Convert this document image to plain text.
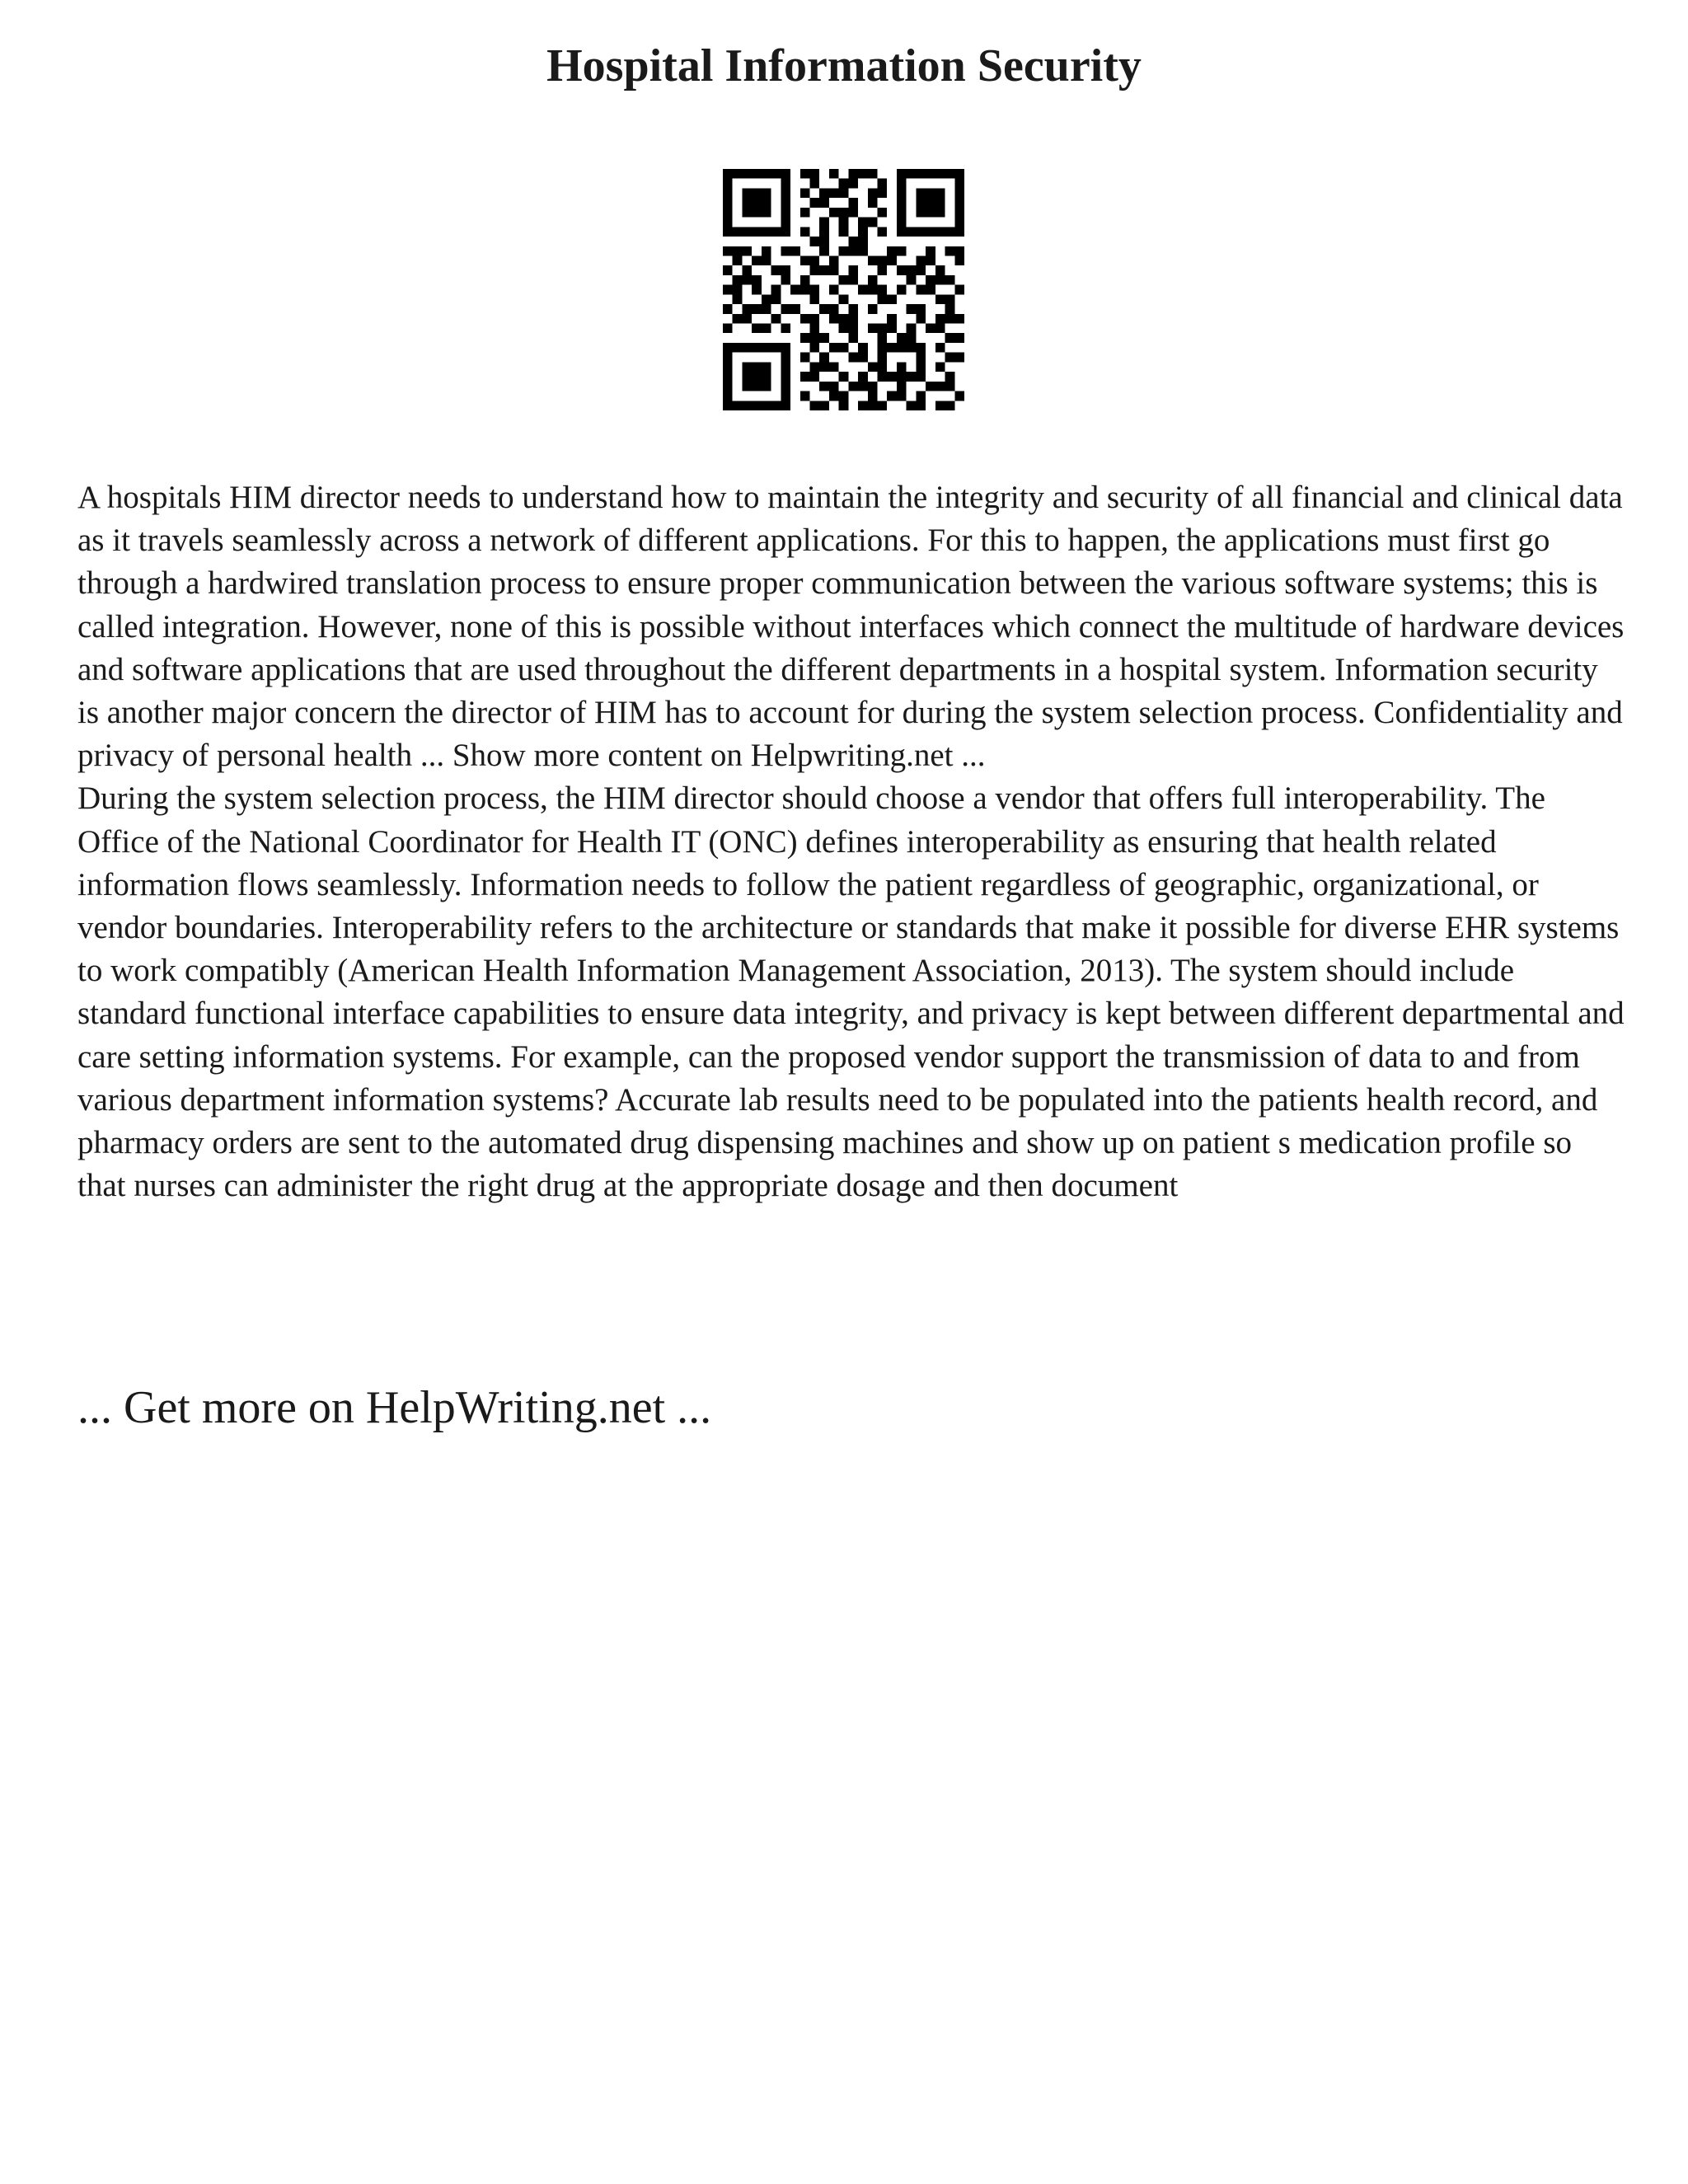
Hospital Information Security

A hospitals HIM director needs to understand how to maintain the integrity and security of all financial and clinical data as it travels seamlessly across a network of different applications. For this to happen, the applications must first go through a hardwired translation process to ensure proper communication between the various software systems; this is called integration. However, none of this is possible without interfaces which connect the multitude of hardware devices and software applications that are used throughout the different departments in a hospital system. Information security is another major concern the director of HIM has to account for during the system selection process. Confidentiality and privacy of personal health ... Show more content on Helpwriting.net ...

During the system selection process, the HIM director should choose a vendor that offers full interoperability. The Office of the National Coordinator for Health IT (ONC) defines interoperability as ensuring that health related information flows seamlessly. Information needs to follow the patient regardless of geographic, organizational, or vendor boundaries. Interoperability refers to the architecture or standards that make it possible for diverse EHR systems to work compatibly (American Health Information Management Association, 2013). The system should include standard functional interface capabilities to ensure data integrity, and privacy is kept between different departmental and care setting information systems. For example, can the proposed vendor support the transmission of data to and from various department information systems? Accurate lab results need to be populated into the patients health record, and pharmacy orders are sent to the automated drug dispensing machines and show up on patient s medication profile so that nurses can administer the right drug at the appropriate dosage and then document

... Get more on HelpWriting.net ...
